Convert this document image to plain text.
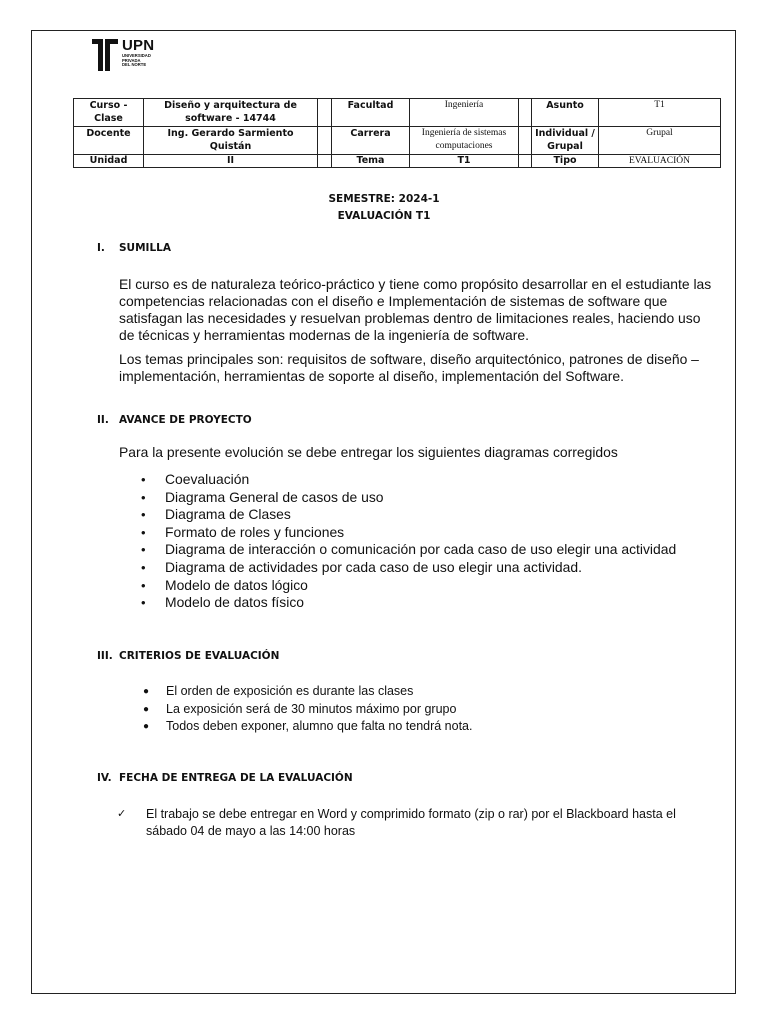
UPN
UNIVERSIDAD
PRIVADA
DEL NORTE
Curso - Clase	Diseño y arquitectura de software - 14744		Facultad	Ingeniería		Asunto	T1
Docente	Ing. Gerardo Sarmiento Quistán		Carrera	Ingeniería de sistemas computaciones		Individual / Grupal	Grupal
Unidad	II		Tema	T1		Tipo	EVALUACIÓN
SEMESTRE: 2024-1
EVALUACIÓN T1
I. SUMILLA

El curso es de naturaleza teórico-práctico y tiene como propósito desarrollar en el estudiante las competencias relacionadas con el diseño e Implementación de sistemas de software que satisfagan las necesidades y resuelvan problemas dentro de limitaciones reales, haciendo uso de técnicas y herramientas modernas de la ingeniería de software.

Los temas principales son: requisitos de software, diseño arquitectónico, patrones de diseño – implementación, herramientas de soporte al diseño, implementación del Software.

II. AVANCE DE PROYECTO

Para la presente evolución se debe entregar los siguientes diagramas corregidos

• Coevaluación
• Diagrama General de casos de uso
• Diagrama de Clases
• Formato de roles y funciones
• Diagrama de interacción o comunicación por cada caso de uso elegir una actividad
• Diagrama de actividades por cada caso de uso elegir una actividad.
• Modelo de datos lógico
• Modelo de datos físico
III. CRITERIOS DE EVALUACIÓN
● El orden de exposición es durante las clases
● La exposición será de 30 minutos máximo por grupo
● Todos deben exponer, alumno que falta no tendrá nota.
IV. FECHA DE ENTREGA DE LA EVALUACIÓN
✓ El trabajo se debe entregar en Word y comprimido formato (zip o rar) por el Blackboard hasta el sábado 04 de mayo a las 14:00 horas
